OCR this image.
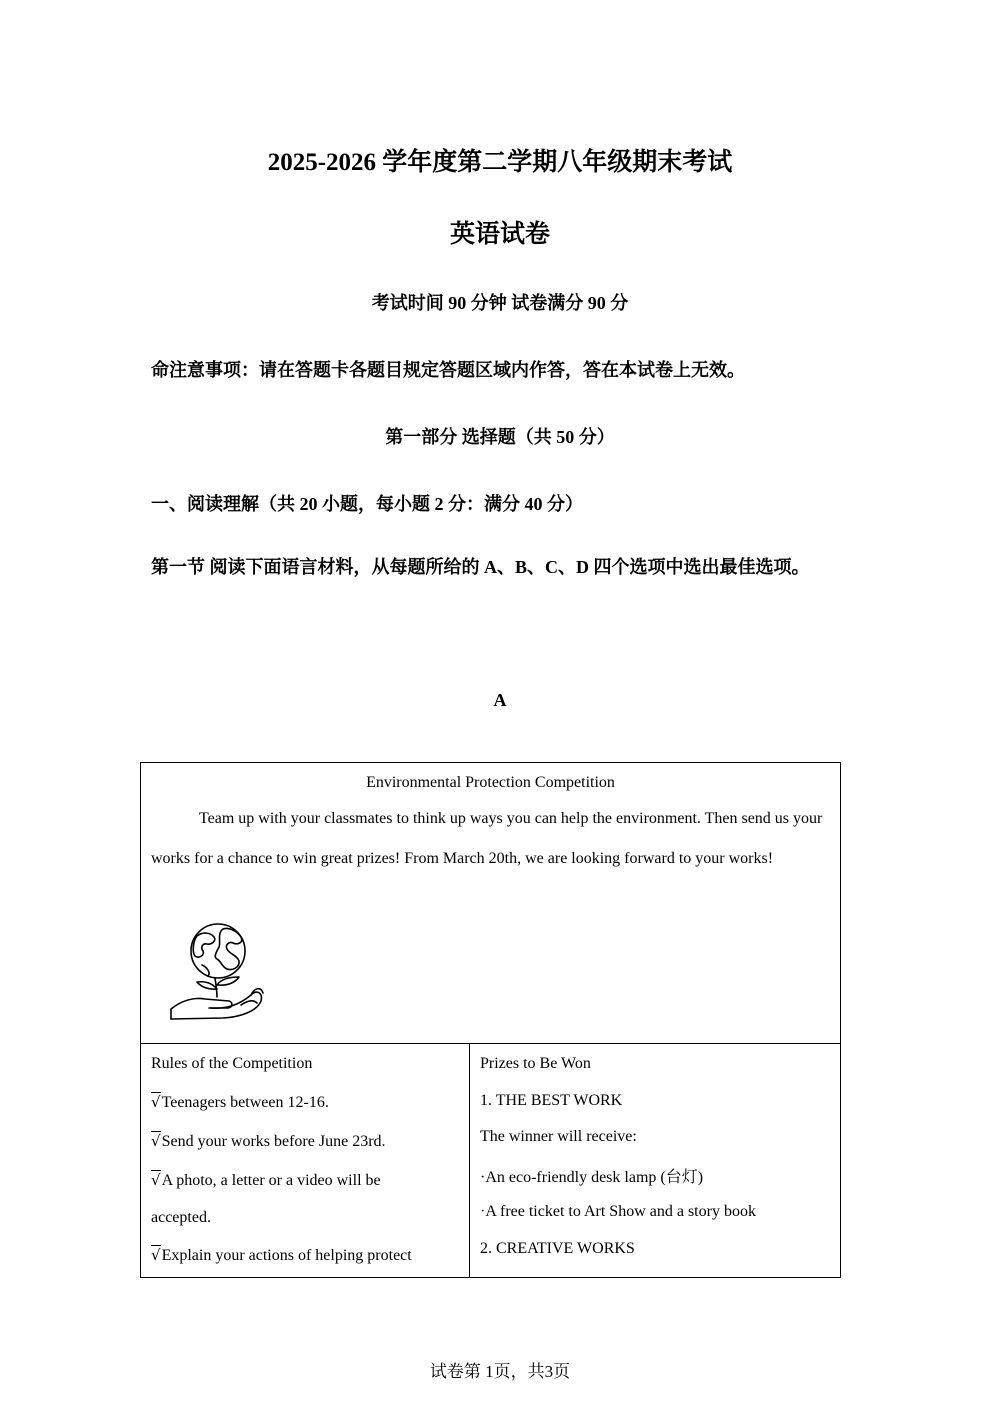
2025-2026 学年度第二学期八年级期末考试
英语试卷
考试时间 90 分钟 试卷满分 90 分
命注意事项：请在答题卡各题目规定答题区域内作答，答在本试卷上无效。
第一部分 选择题（共 50 分）
一、阅读理解（共 20 小题，每小题 2 分：满分 40 分）
第一节 阅读下面语言材料，从每题所给的 A、B、C、D 四个选项中选出最佳选项。
A
Environmental Protection Competition
Team up with your classmates to think up ways you can help the environment. Then send us your works for a chance to win great prizes! From March 20th, we are looking forward to your works!
Rules of the Competition
√Teenagers between 12-16.
√Send your works before June 23rd.
√A photo, a letter or a video will be
accepted.
√Explain your actions of helping protect
Prizes to Be Won
1. THE BEST WORK
The winner will receive:
·An eco-friendly desk lamp (台灯)
·A free ticket to Art Show and a story book
2. CREATIVE WORKS
试卷第 1页，共3页
